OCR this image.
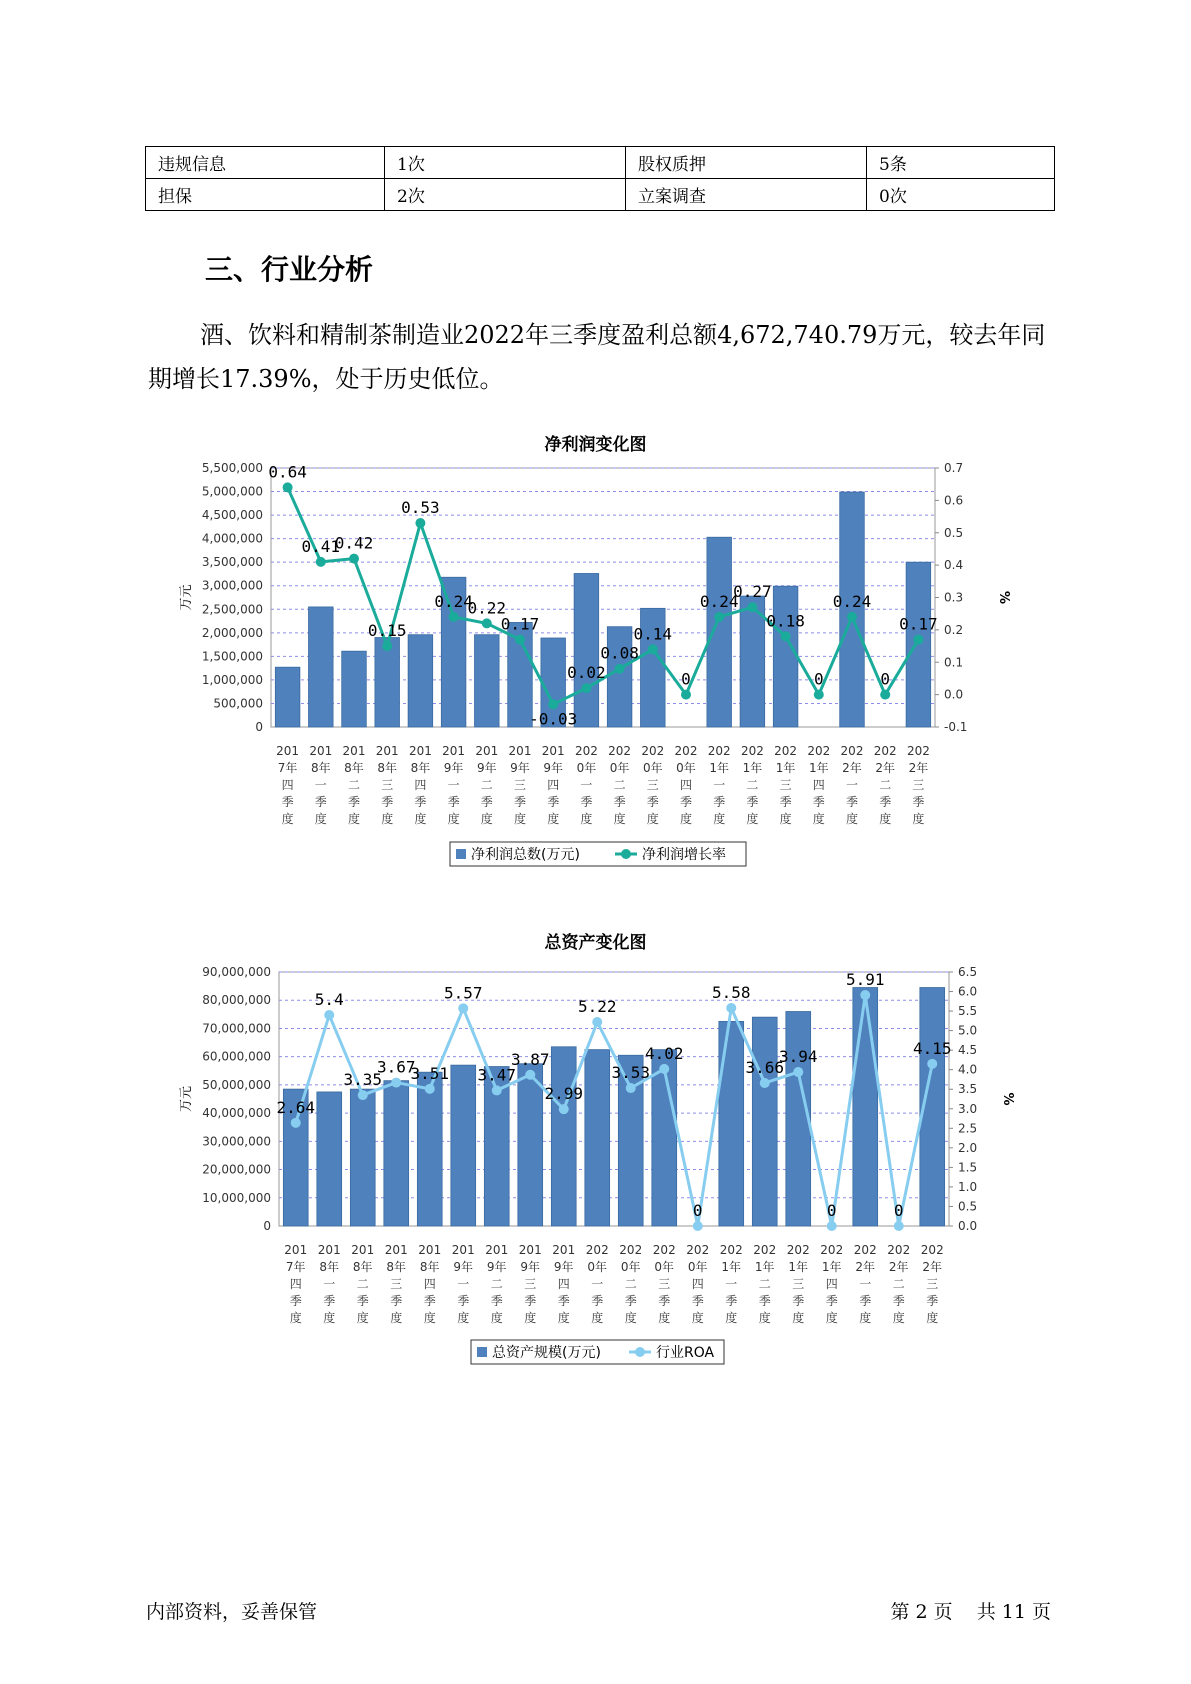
违规信息	1次	股权质押	5条
担保	2次	立案调查	0次
三、行业分析

酒、饮料和精制茶制造业2022年三季度盈利总额4,672,740.79万元，较去年同期增长17.39%，处于历史低位。

净利润变化图
5,500,000
5,000,000
4,500,000
4,000,000
3,500,000
3,000,000
2,500,000
2,000,000
1,500,000
1,000,000
500,000
0
0.7
0.6
0.5
0.4
0.3
0.2
0.1
0.0
-0.1
万元	%
0.64
0.41
0.42
0.15
0.53
0.24
0.22
0.17
-0.03
0.02
0.08
0.14
0
0.24
0.27
0.18
0
0.24
0
0.17
201 7年四季度
201 8年一季度
201 8年二季度
201 8年三季度
201 8年四季度
201 9年一季度
201 9年二季度
201 9年三季度
201 9年四季度
202 0年一季度
202 0年二季度
202 0年三季度
202 0年四季度
202 1年一季度
202 1年二季度
202 1年三季度
202 1年四季度
202 2年一季度
202 2年二季度
202 2年三季度
净利润总数(万元)	净利润增长率
总资产变化图
90,000,000
80,000,000
70,000,000
60,000,000
50,000,000
40,000,000
30,000,000
20,000,000
10,000,000
0
6.5
6.0
5.5
5.0
4.5
4.0
3.5
3.0
2.5
2.0
1.5
1.0
0.5
0.0
万元	%
2.64
5.4
3.35
3.67
3.51
5.57
3.47
3.87
2.99
5.22
3.53
4.02
0
5.58
3.66
3.94
0
5.91
0
4.15
201 7年四季度
201 8年一季度
201 8年二季度
201 8年三季度
201 8年四季度
201 9年一季度
201 9年二季度
201 9年三季度
201 9年四季度
202 0年一季度
202 0年二季度
202 0年三季度
202 0年四季度
202 1年一季度
202 1年二季度
202 1年三季度
202 1年四季度
202 2年一季度
202 2年二季度
202 2年三季度
总资产规模(万元)	行业ROA
内部资料，妥善保管	第 2 页 共 11 页
